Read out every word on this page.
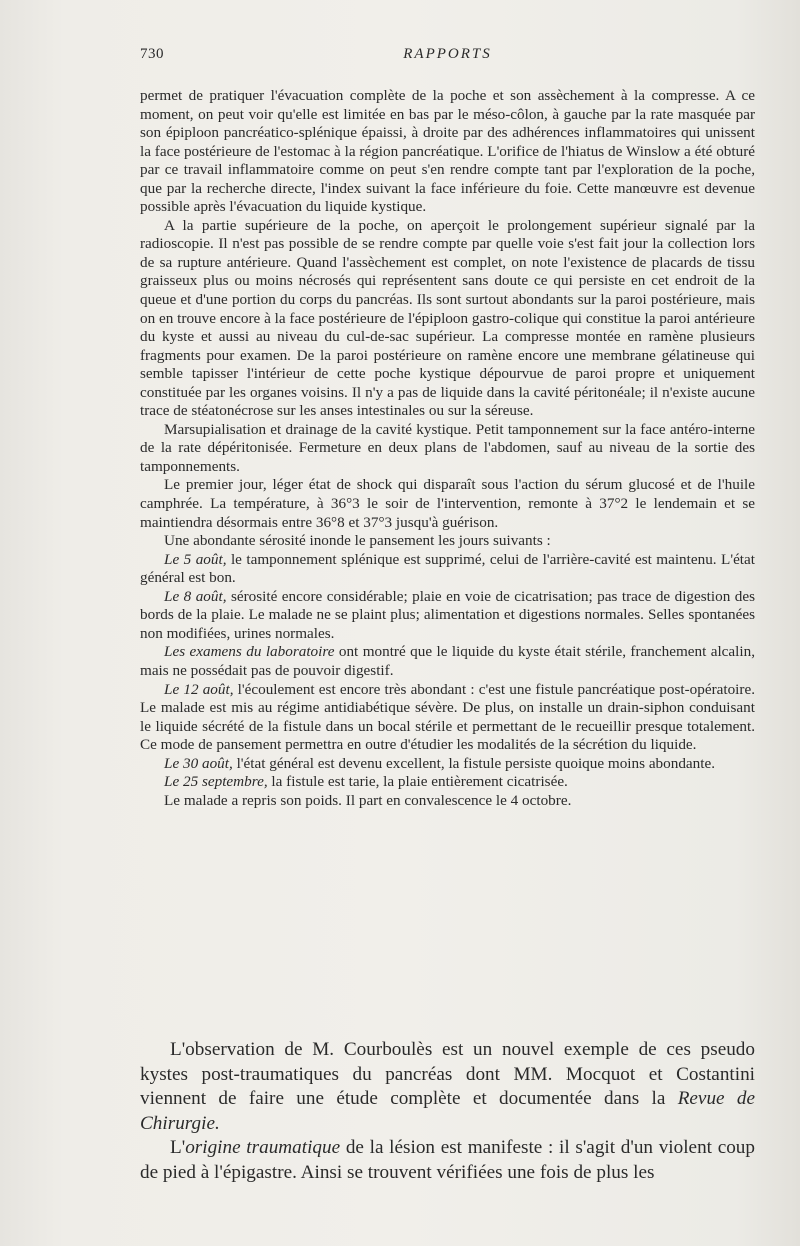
730	RAPPORTS

permet de pratiquer l'évacuation complète de la poche et son assèchement à la compresse. A ce moment, on peut voir qu'elle est limitée en bas par le méso-côlon, à gauche par la rate masquée par son épiploon pancréatico-splénique épaissi, à droite par des adhérences inflammatoires qui unissent la face postérieure de l'estomac à la région pancréatique. L'orifice de l'hiatus de Winslow a été obturé par ce travail inflammatoire comme on peut s'en rendre compte tant par l'exploration de la poche, que par la recherche directe, l'index suivant la face inférieure du foie. Cette manœuvre est devenue possible après l'évacuation du liquide kystique.

A la partie supérieure de la poche, on aperçoit le prolongement supérieur signalé par la radioscopie. Il n'est pas possible de se rendre compte par quelle voie s'est fait jour la collection lors de sa rupture antérieure. Quand l'assèchement est complet, on note l'existence de placards de tissu graisseux plus ou moins nécrosés qui représentent sans doute ce qui persiste en cet endroit de la queue et d'une portion du corps du pancréas. Ils sont surtout abondants sur la paroi postérieure, mais on en trouve encore à la face postérieure de l'épiploon gastro-colique qui constitue la paroi antérieure du kyste et aussi au niveau du cul-de-sac supérieur. La compresse montée en ramène plusieurs fragments pour examen. De la paroi postérieure on ramène encore une membrane gélatineuse qui semble tapisser l'intérieur de cette poche kystique dépourvue de paroi propre et uniquement constituée par les organes voisins. Il n'y a pas de liquide dans la cavité péritonéale; il n'existe aucune trace de stéatonécrose sur les anses intestinales ou sur la séreuse.

Marsupialisation et drainage de la cavité kystique. Petit tamponnement sur la face antéro-interne de la rate dépéritonisée. Fermeture en deux plans de l'abdomen, sauf au niveau de la sortie des tamponnements.

Le premier jour, léger état de shock qui disparaît sous l'action du sérum glucosé et de l'huile camphrée. La température, à 36°3 le soir de l'intervention, remonte à 37°2 le lendemain et se maintiendra désormais entre 36°8 et 37°3 jusqu'à guérison.

Une abondante sérosité inonde le pansement les jours suivants :

Le 5 août, le tamponnement splénique est supprimé, celui de l'arrière-cavité est maintenu. L'état général est bon.

Le 8 août, sérosité encore considérable; plaie en voie de cicatrisation; pas trace de digestion des bords de la plaie. Le malade ne se plaint plus; alimentation et digestions normales. Selles spontanées non modifiées, urines normales.

Les examens du laboratoire ont montré que le liquide du kyste était stérile, franchement alcalin, mais ne possédait pas de pouvoir digestif.

Le 12 août, l'écoulement est encore très abondant : c'est une fistule pancréatique post-opératoire. Le malade est mis au régime antidiabétique sévère. De plus, on installe un drain-siphon conduisant le liquide sécrété de la fistule dans un bocal stérile et permettant de le recueillir presque totalement. Ce mode de pansement permettra en outre d'étudier les modalités de la sécrétion du liquide.

Le 30 août, l'état général est devenu excellent, la fistule persiste quoique moins abondante.

Le 25 septembre, la fistule est tarie, la plaie entièrement cicatrisée.

Le malade a repris son poids. Il part en convalescence le 4 octobre.

L'observation de M. Courboulès est un nouvel exemple de ces pseudo kystes post-traumatiques du pancréas dont MM. Mocquot et Costantini viennent de faire une étude complète et documentée dans la Revue de Chirurgie.

L'origine traumatique de la lésion est manifeste : il s'agit d'un violent coup de pied à l'épigastre. Ainsi se trouvent vérifiées une fois de plus les
